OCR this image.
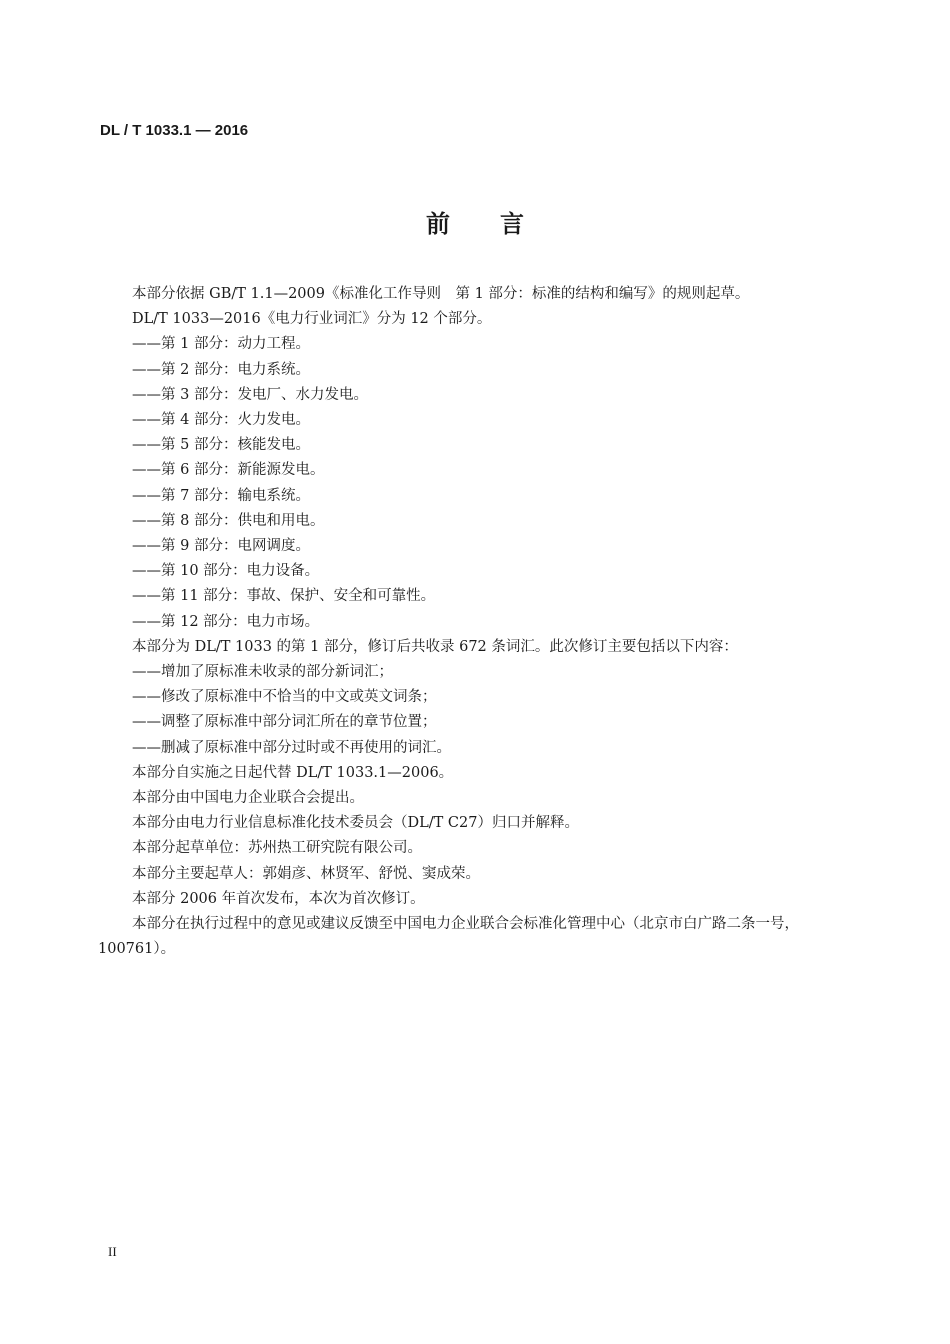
DL / T 1033.1 — 2016
前言

本部分依据 GB/T 1.1—2009《标准化工作导则　第 1 部分：标准的结构和编写》的规则起草。

DL/T 1033—2016《电力行业词汇》分为 12 个部分。

——第 1 部分：动力工程。

——第 2 部分：电力系统。

——第 3 部分：发电厂、水力发电。

——第 4 部分：火力发电。

——第 5 部分：核能发电。

——第 6 部分：新能源发电。

——第 7 部分：输电系统。

——第 8 部分：供电和用电。

——第 9 部分：电网调度。

——第 10 部分：电力设备。

——第 11 部分：事故、保护、安全和可靠性。

——第 12 部分：电力市场。

本部分为 DL/T 1033 的第 1 部分，修订后共收录 672 条词汇。此次修订主要包括以下内容：

——增加了原标准未收录的部分新词汇；

——修改了原标准中不恰当的中文或英文词条；

——调整了原标准中部分词汇所在的章节位置；

——删减了原标准中部分过时或不再使用的词汇。

本部分自实施之日起代替 DL/T 1033.1—2006。

本部分由中国电力企业联合会提出。

本部分由电力行业信息标准化技术委员会（DL/T C27）归口并解释。

本部分起草单位：苏州热工研究院有限公司。

本部分主要起草人：郭娟彦、林贤军、舒悦、窦成荣。

本部分 2006 年首次发布，本次为首次修订。

本部分在执行过程中的意见或建议反馈至中国电力企业联合会标准化管理中心（北京市白广路二条一号，100761）。

II
